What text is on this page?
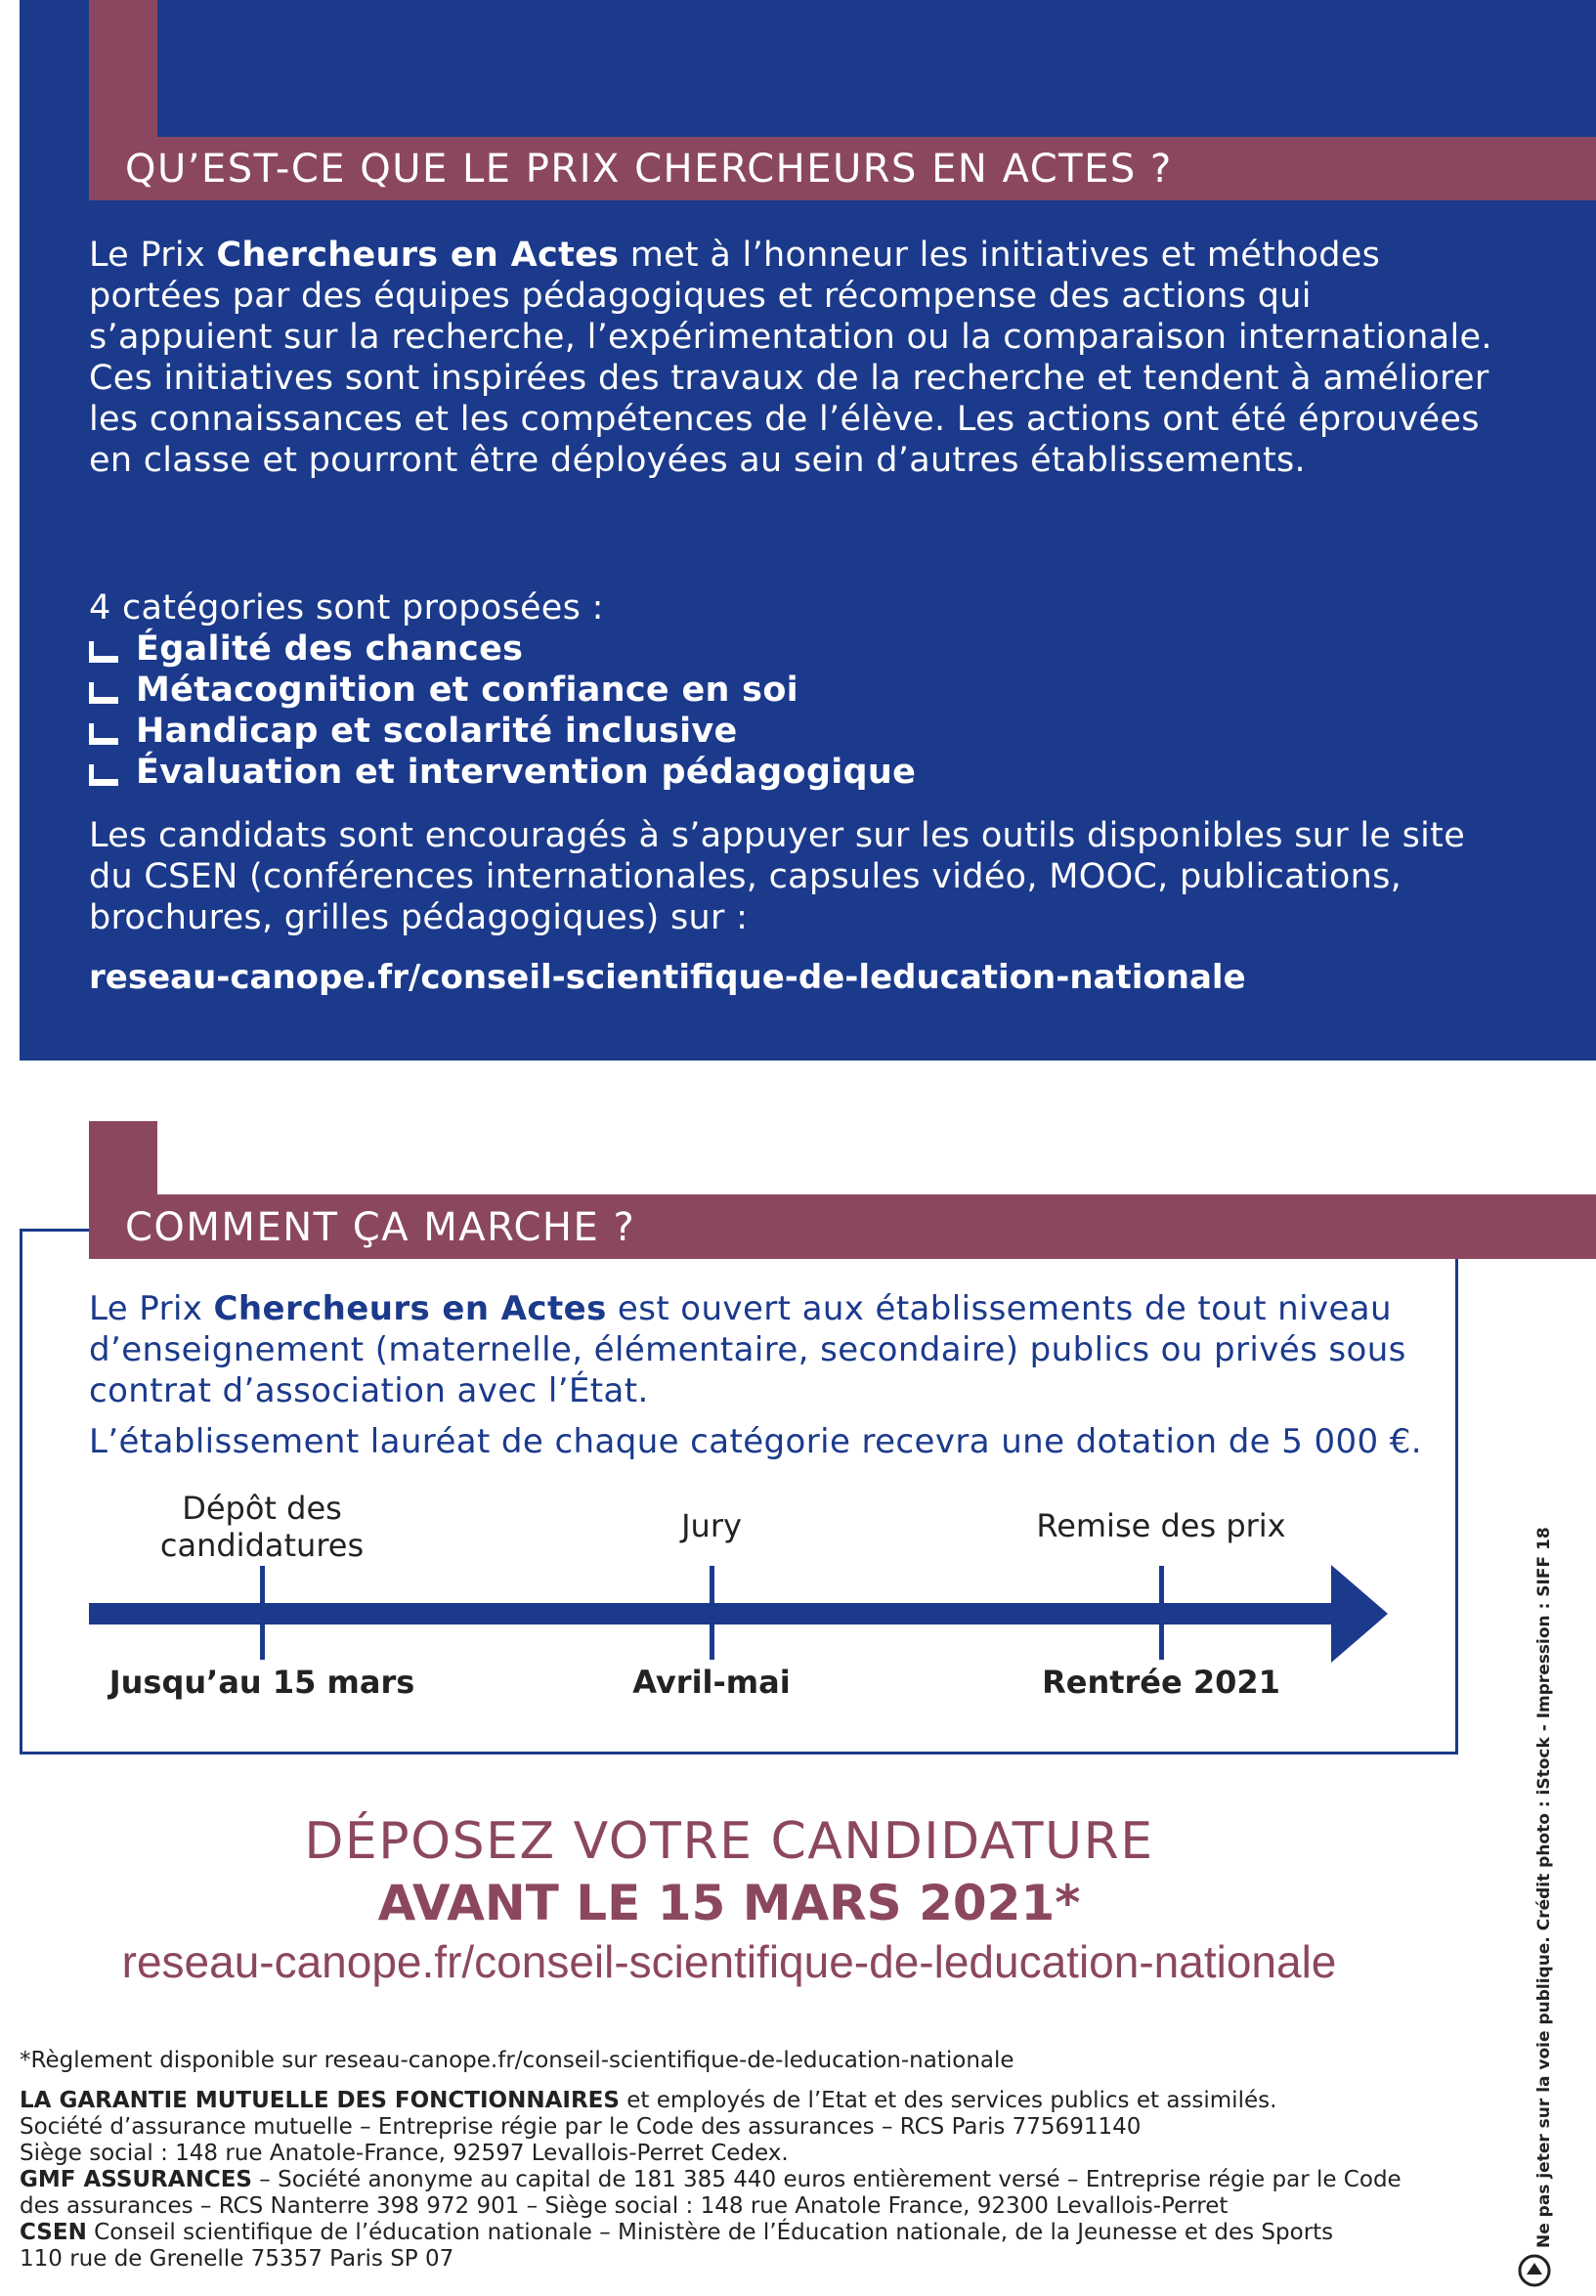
QU’EST-CE QUE LE PRIX CHERCHEURS EN ACTES ?

Le Prix Chercheurs en Actes met à l’honneur les initiatives et méthodes portées par des équipes pédagogiques et récompense des actions qui s’appuient sur la recherche, l’expérimentation ou la comparaison internationale.

Ces initiatives sont inspirées des travaux de la recherche et tendent à améliorer les connaissances et les compétences de l’élève. Les actions ont été éprouvées en classe et pourront être déployées au sein d’autres établissements.

4 catégories sont proposées :
Égalité des chances
Métacognition et confiance en soi
Handicap et scolarité inclusive
Évaluation et intervention pédagogique
Les candidats sont encouragés à s’appuyer sur les outils disponibles sur le site du CSEN (conférences internationales, capsules vidéo, MOOC, publications, brochures, grilles pédagogiques) sur :
reseau-canope.fr/conseil-scientifique-de-leducation-nationale
COMMENT ÇA MARCHE ?
Le Prix Chercheurs en Actes est ouvert aux établissements de tout niveau d’enseignement (maternelle, élémentaire, secondaire) publics ou privés sous contrat d’association avec l’État.
L’établissement lauréat de chaque catégorie recevra une dotation de 5 000 €.
Dépôt des
candidatures
Jury	Remise des prix
Jusqu’au 15 mars	Avril-mai	Rentrée 2021
DÉPOSEZ VOTRE CANDIDATURE
AVANT LE 15 MARS 2021*
reseau-canope.fr/conseil-scientifique-de-leducation-nationale
*Règlement disponible sur reseau-canope.fr/conseil-scientifique-de-leducation-nationale

LA GARANTIE MUTUELLE DES FONCTIONNAIRES et employés de l’Etat et des services publics et assimilés.

Société d’assurance mutuelle – Entreprise régie par le Code des assurances – RCS Paris 775691140

Siège social : 148 rue Anatole-France, 92597 Levallois-Perret Cedex.

GMF ASSURANCES – Société anonyme au capital de 181 385 440 euros entièrement versé – Entreprise régie par le Code

des assurances – RCS Nanterre 398 972 901 – Siège social : 148 rue Anatole France, 92300 Levallois-Perret

CSEN Conseil scientifique de l’éducation nationale – Ministère de l’Éducation nationale, de la Jeunesse et des Sports

110 rue de Grenelle 75357 Paris SP 07

Ne pas jeter sur la voie publique. Crédit photo : iStock - Impression : SIFF 18
